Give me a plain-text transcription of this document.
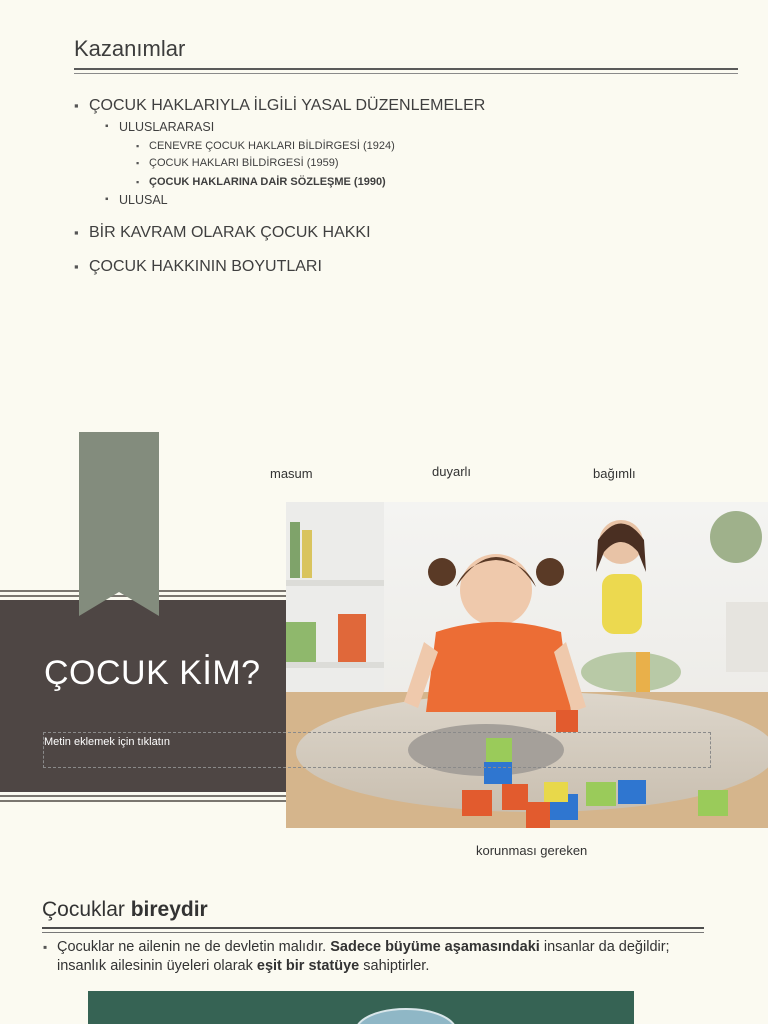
Kazanımlar
▪ ÇOCUK HAKLARIYLA İLGİLİ YASAL DÜZENLEMELER
▪ ULUSLARARASI
▪ CENEVRE ÇOCUK HAKLARI BİLDİRGESİ (1924)
▪ ÇOCUK HAKLARI BİLDİRGESİ (1959)
▪ ÇOCUK HAKLARINA DAİR SÖZLEŞME (1990)
▪ ULUSAL
▪ BİR KAVRAM OLARAK ÇOCUK HAKKI
▪ ÇOCUK HAKKININ BOYUTLARI
masum	duyarlı	bağımlı
ÇOCUK KİM?
Metin eklemek için tıklatın
korunması gereken
Çocuklar bireydir
▪ Çocuklar ne ailenin ne de devletin malıdır. Sadece büyüme aşamasındaki insanlar da değildir; insanlık ailesinin üyeleri olarak eşit bir statüye sahiptirler.
